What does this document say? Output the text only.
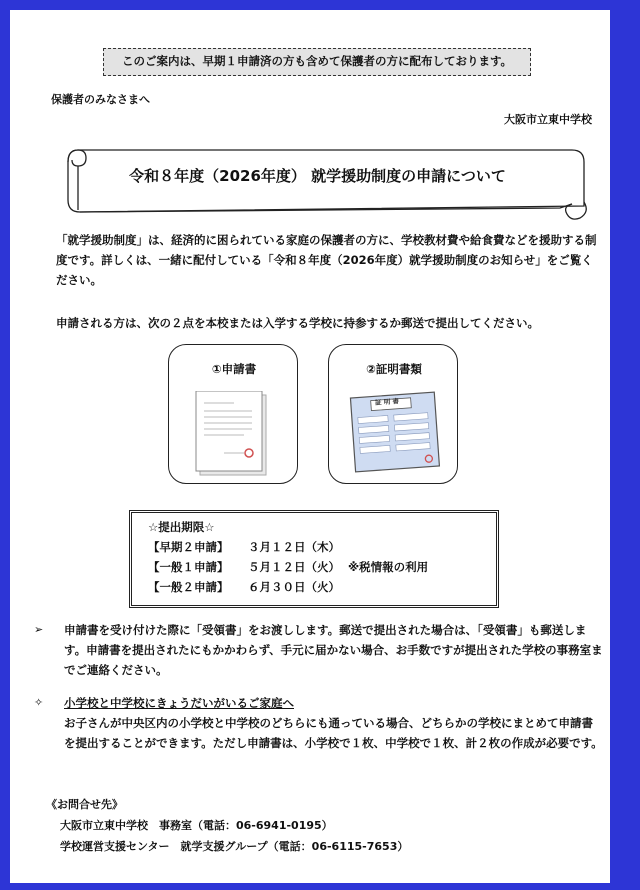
このご案内は、早期１申請済の方も含めて保護者の方に配布しております。
保護者のみなさまへ
大阪市立東中学校
令和８年度（2026年度） 就学援助制度の申請について
「就学援助制度」は、経済的に困られている家庭の保護者の方に、学校教材費や給食費などを援助する制度です。詳しくは、一緒に配付している「令和８年度（2026年度）就学援助制度のお知らせ」をご覧ください。
申請される方は、次の２点を本校または入学する学校に持参するか郵送で提出してください。
①申請書	②証明書類
証 明 書
☆提出期限☆
【早期２申請】 ３月１２日（木）
【一般１申請】 ５月１２日（火） ※税情報の利用
【一般２申請】 ６月３０日（火）
➢ 申請書を受け付けた際に「受領書」をお渡しします。郵送で提出された場合は、「受領書」も郵送します。申請書を提出されたにもかかわらず、手元に届かない場合、お手数ですが提出された学校の事務室までご連絡ください。
✧ 小学校と中学校にきょうだいがいるご家庭へ
お子さんが中央区内の小学校と中学校のどちらにも通っている場合、どちらかの学校にまとめて申請書を提出することができます。ただし申請書は、小学校で１枚、中学校で１枚、計２枚の作成が必要です。
《お問合せ先》
大阪市立東中学校　事務室（電話：06-6941-0195）
学校運営支援センター　就学支援グループ（電話：06-6115-7653）
